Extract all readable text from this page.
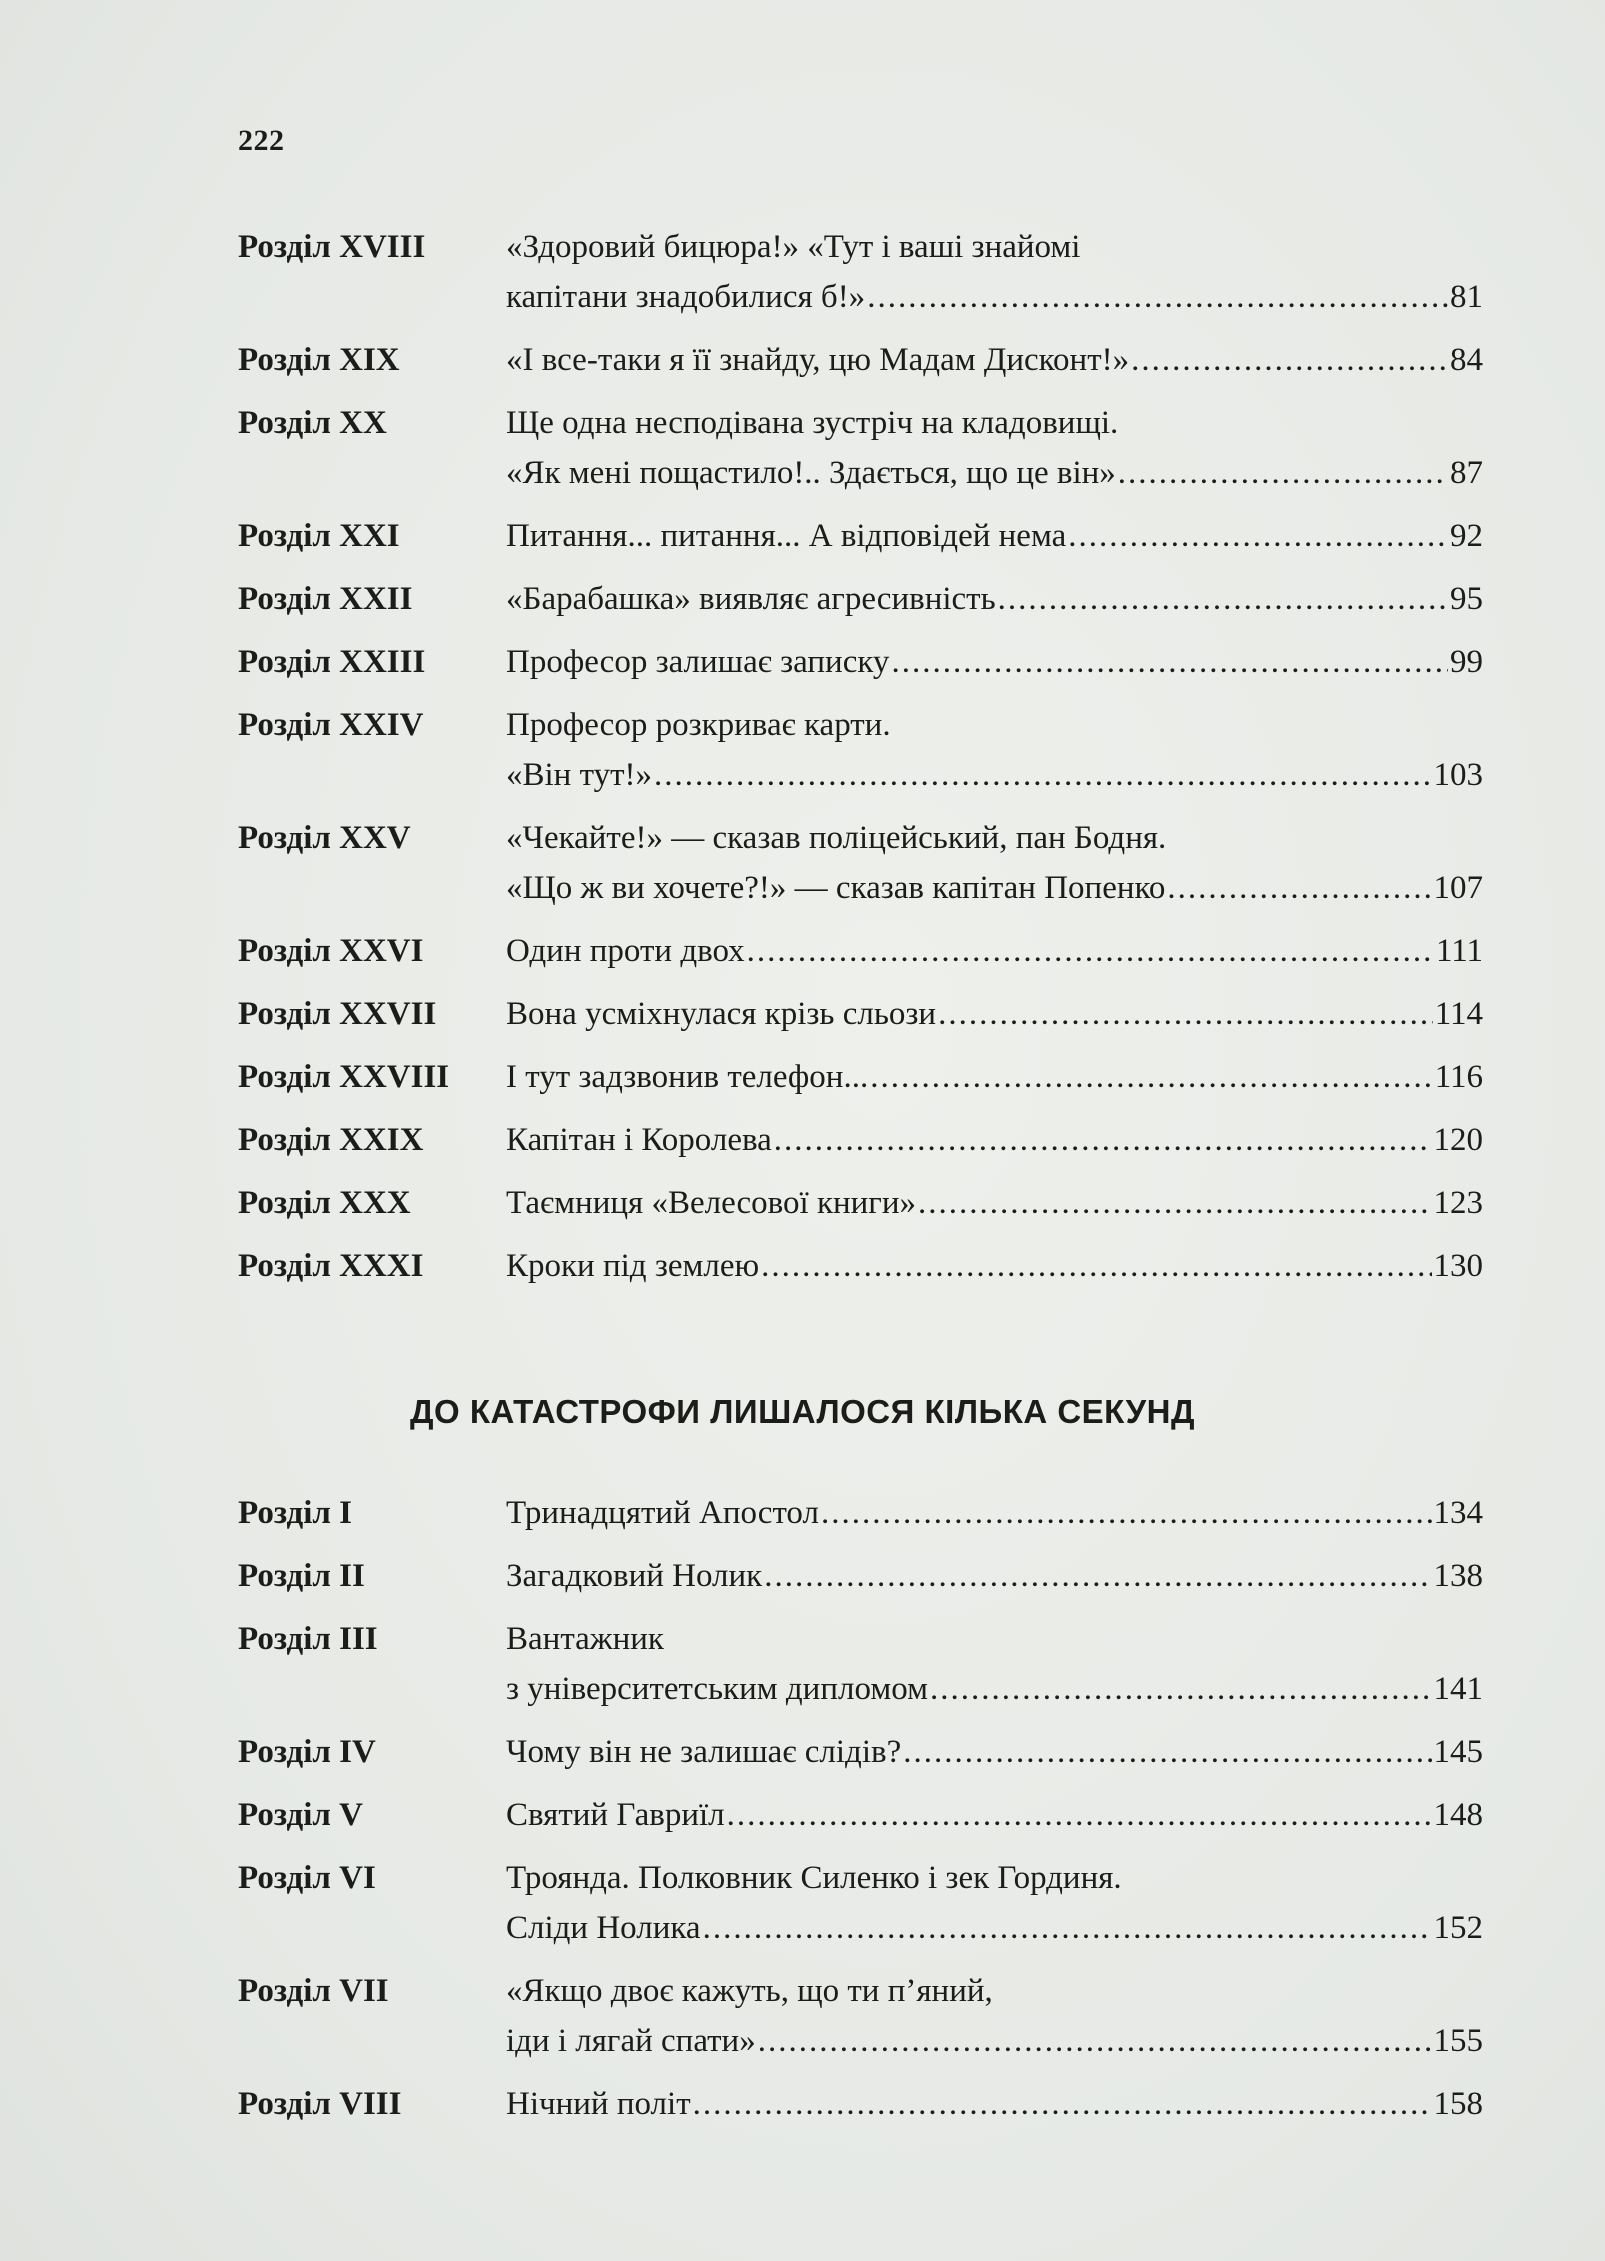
222
Розділ XVIII	«Здоровий бицюра!» «Тут і ваші знайомі
капітани знадобилися б!» .....	81
Розділ XIX	«І все-таки я її знайду, цю Мадам Дисконт!» .....	84
Розділ XX	Ще одна несподівана зустріч на кладовищі.
«Як мені пощастило!.. Здається, що це він» .....	87
Розділ XXI	Питання... питання... А відповідей нема .....	92
Розділ XXII	«Барабашка» виявляє агресивність .....	95
Розділ XXIII	Професор залишає записку .....	99
Розділ XXIV	Професор розкриває карти.
«Він тут!» .....	103
Розділ XXV	«Чекайте!» — сказав поліцейський, пан Бодня.
«Що ж ви хочете?!» — сказав капітан Попенко .....	107
Розділ XXVI	Один проти двох .....	111
Розділ XXVII	Вона усміхнулася крізь сльози .....	114
Розділ XXVIII	І тут задзвонив телефон... .....	116
Розділ XXIX	Капітан і Королева .....	120
Розділ XXX	Таємниця «Велесової книги» .....	123
Розділ XXXI	Кроки під землею .....	130
ДО КАТАСТРОФИ ЛИШАЛОСЯ КІЛЬКА СЕКУНД
Розділ І	Тринадцятий Апостол .....	134
Розділ ІІ	Загадковий Нолик .....	138
Розділ ІІІ	Вантажник
з університетським дипломом .....	141
Розділ IV	Чому він не залишає слідів? .....	145
Розділ V	Святий Гавриїл .....	148
Розділ VI	Троянда. Полковник Силенко і зек Гординя.
Сліди Нолика .....	152
Розділ VII	«Якщо двоє кажуть, що ти п’яний,
іди і лягай спати» .....	155
Розділ VIII	Нічний політ .....	158
